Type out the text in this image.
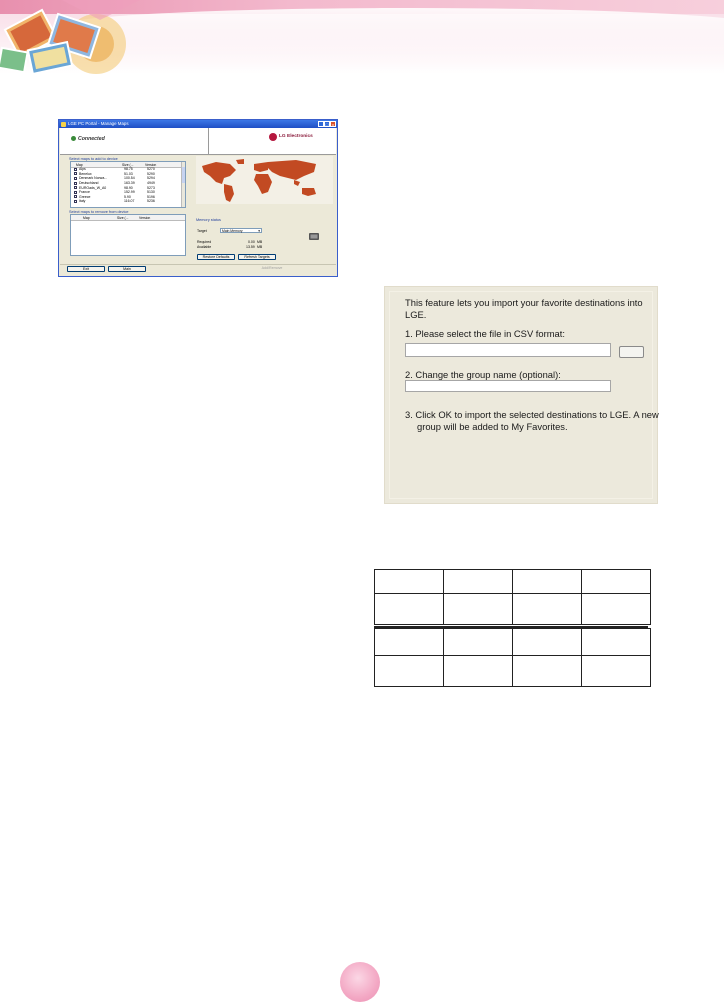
LGE PC Portal - Manage Maps	_ □ x
Connected	LG Electronics
Select maps to add to device
Map	Size (...	Version
Alps	98.75	5270
Benelux	51.03	5290
Denmark Norwa...	100.54	5294
Deutschland	163.39	4949
EUROads_W_A0	98.90	5273
France	152.99	5130
Greece	5.90	5196
Italy	116.07	5236
Select maps to remove from device
Map	Size (...	Version
Memory status
Target	Main Memory	▾
Required	0.00 MB
Available	13.59 MB
Restore Defaults	Refresh Targets
Exit	Main	Add/Remove
This feature lets you import your favorite destinations into
LGE.
1. Please select the file in CSV format:
2. Change the group name (optional):
3. Click OK to import the selected destinations to LGE. A new
group will be added to My Favorites.
